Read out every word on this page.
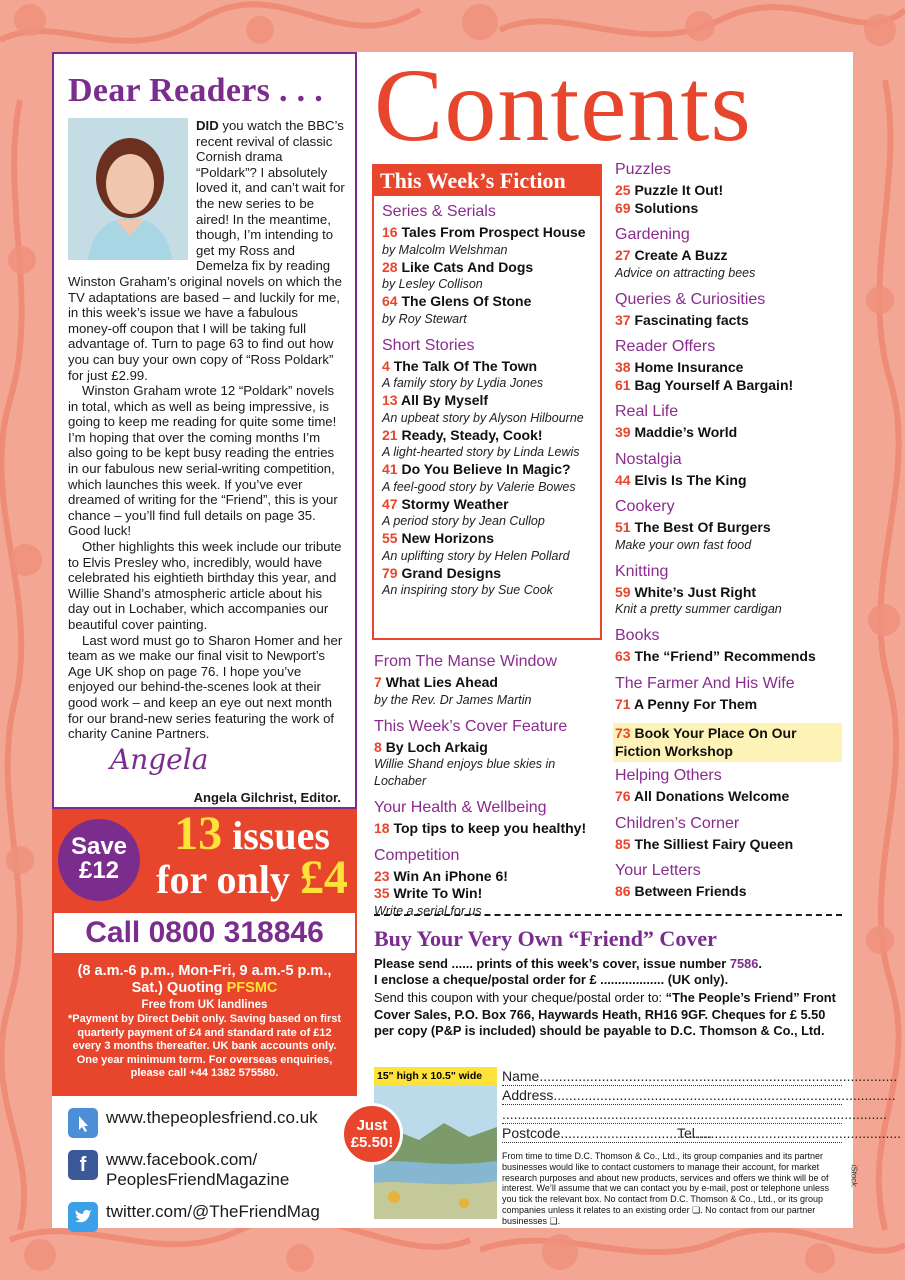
Dear Readers . . .

DID you watch the BBC’s recent revival of classic Cornish drama “Poldark”? I absolutely loved it, and can’t wait for the new series to be aired! In the meantime, though, I’m intending to get my Ross and Demelza fix by reading Winston Graham’s original novels on which the TV adaptations are based – and luckily for me, in this week’s issue we have a fabulous money-off coupon that I will be taking full advantage of. Turn to page 63 to find out how you can buy your own copy of “Ross Poldark” for just £2.99.

Winston Graham wrote 12 “Poldark” novels in total, which as well as being impressive, is going to keep me reading for quite some time! I’m hoping that over the coming months I’m also going to be kept busy reading the entries in our fabulous new serial-writing competition, which launches this week. If you’ve ever dreamed of writing for the “Friend”, this is your chance – you’ll find full details on page 35. Good luck!

Other highlights this week include our tribute to Elvis Presley who, incredibly, would have celebrated his eightieth birthday this year, and Willie Shand’s atmospheric article about his day out in Lochaber, which accompanies our beautiful cover painting.

Last word must go to Sharon Homer and her team as we make our final visit to Newport’s Age UK shop on page 76. I hope you’ve enjoyed our behind-the-scenes look at their good work – and keep an eye out next month for our brand-new series featuring the work of charity Canine Partners.

Angela
Angela Gilchrist, Editor.
Save
£12
13 issues
for only £4
Call 0800 318846
(8 a.m.-6 p.m., Mon-Fri, 9 a.m.-5 p.m., Sat.) Quoting PFSMC
Free from UK landlines
*Payment by Direct Debit only. Saving based on first quarterly payment of £4 and standard rate of £12 every 3 months thereafter. UK bank accounts only. One year minimum term. For overseas enquiries, please call +44 1382 575580.
www.thepeoplesfriend.co.uk
f	www.facebook.com/
PeoplesFriendMagazine
twitter.com/@TheFriendMag
Contents
This Week’s Fiction
Series & Serials
16 Tales From Prospect House
by Malcolm Welshman
28 Like Cats And Dogs
by Lesley Collison
64 The Glens Of Stone
by Roy Stewart
Short Stories
4 The Talk Of The Town
A family story by Lydia Jones
13 All By Myself
An upbeat story by Alyson Hilbourne
21 Ready, Steady, Cook!
A light-hearted story by Linda Lewis
41 Do You Believe In Magic?
A feel-good story by Valerie Bowes
47 Stormy Weather
A period story by Jean Cullop
55 New Horizons
An uplifting story by Helen Pollard
79 Grand Designs
An inspiring story by Sue Cook
From The Manse Window
7 What Lies Ahead
by the Rev. Dr James Martin
This Week’s Cover Feature
8 By Loch Arkaig
Willie Shand enjoys blue skies in Lochaber
Your Health & Wellbeing
18 Top tips to keep you healthy!
Competition
23 Win An iPhone 6!
35 Write To Win!
Write a serial for us
Puzzles
25 Puzzle It Out!
69 Solutions
Gardening
27 Create A Buzz
Advice on attracting bees
Queries & Curiosities
37 Fascinating facts
Reader Offers
38 Home Insurance
61 Bag Yourself A Bargain!
Real Life
39 Maddie’s World
Nostalgia
44 Elvis Is The King
Cookery
51 The Best Of Burgers
Make your own fast food
Knitting
59 White’s Just Right
Knit a pretty summer cardigan
Books
63 The “Friend” Recommends
The Farmer And His Wife
71 A Penny For Them
73 Book Your Place On Our Fiction Workshop
Helping Others
76 All Donations Welcome
Children’s Corner
85 The Silliest Fairy Queen
Your Letters
86 Between Friends
Buy Your Very Own “Friend” Cover
Please send ...... prints of this week’s cover, issue number 7586.
I enclose a cheque/postal order for £ .................. (UK only).
Send this coupon with your cheque/postal order to: “The People’s Friend” Front Cover Sales, P.O. Box 766, Haywards Heath, RH16 9GF. Cheques for £ 5.50 per copy (P&P is included) should be payable to D.C. Thomson & Co., Ltd.
15" high x 10.5" wide
Just
£5.50!
Name............................................................................................
Address........................................................................................
...................................................................................................
Postcode.......................................
Tel.....................................................
From time to time D.C. Thomson & Co., Ltd., its group companies and its partner businesses would like to contact customers to manage their account, for market research purposes and about new products, services and offers we think will be of interest. We’ll assume that we can contact you by e-mail, post or telephone unless you tick the relevant box. No contact from D.C. Thomson & Co., Ltd., or its group companies unless it relates to an existing order ❏. No contact from our partner businesses ❏.
iStock.
